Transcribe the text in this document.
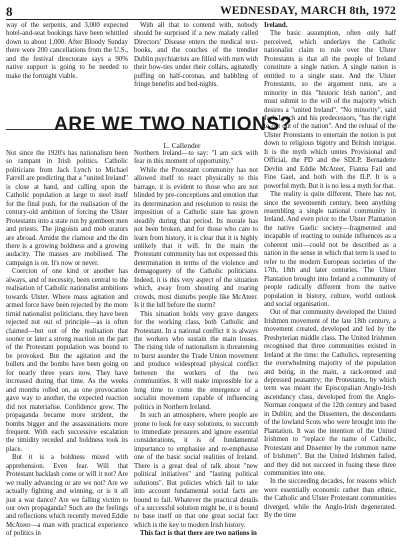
8	WEDNESDAY, MARCH 8th, 1972

way of the serpents, and 3,000 expected hotel-and-seat bookings have been whittled down to about 1,000. After Bloody Sunday there were 200 cancellations from the U.S., and the festival directorate says a 90% native support is going to be needed to make the fortnight viable.

With all that to contend with, nobody should be surprised if a new malady called Directors' Disease enters the medical text-books, and the couches of the trendier Dublin psychiatrists are filled with men with their bow-ties under their collars, agitatedly puffing on half-coronas, and babbling of fringe benefits and bed-nights.

ARE WE TWO NATIONS?
L. Callender

Not since the 1920's has nationalism been so rampant in Irish politics. Catholic politicians from Jack Lynch to Michael Farrell are predicting that a "united Ireland" is close at hand, and calling upon the Catholic population at large to steel itself for the final push, for the realisation of the century-old ambition of forcing the Ulster Protestants into a state run by gombeen men and priests. The jingoists and mob orators are abroad. Amidst the clamour and the din there is a growing boldness and a growing audacity. The masses are mobilised. The campaign is on. It's now or never.

Coercion of one kind or another has always, and of necessity, been central to the realisation of Catholic nationalist ambitions towards Ulster. Where mass agitation and armed force have been rejected by the more timid nationalist politicians, they have been rejected not out of principle—as is often claimed—but out of the realisation that sooner or later a strong reaction on the part of the Protestant population was bound to be provoked. But the agitation and the bullets and the bombs have been going on for nearly three years now. They have increased during that time. As the weeks and months rolled on, as one provocation gave way to another, the expected reaction did not materialise. Confidence grew. The propaganda became more strident, the bombs bigger and the assassinations more frequent. With each successive escalation the timidity receded and boldness took its place.

But it is a boldness mixed with apprehension. Even fear. Will that Protestant backlash come or will it not? Are we really advancing or are we not? Are we actually fighting and winning, or is it all just a war dance? Are we falling victim to our own propaganda? Such are the feelings and reflections which recently moved Eddie McAteer—a man with practical experience of politics in

Northern Ireland—to say: "I am sick with fear in this moment of opportunity."

While the Protestant community has not allowed itself to react physically to this barrage, it is evident to those who are not blinded by pre-conceptions and emotion that its determination and resolution to resist the imposition of a Catholic state has grown steadily during that period. Its morale has not been broken, and for those who care to learn from history, it is clear that it is highly unlikely that it will. In the main the Protestant community has not expressed this determination in terms of the violence and demagoguery of the Catholic politicians. Indeed, it is this very aspect of the situation which, away from shouting and roaring crowds, most disturbs people like McAteer. Is it the lull before the storm?

This situation holds very grave dangers for the working class, both Catholic and Protestant. In a national conflict it is always the workers who sustain the main losses. The rising tide of nationalism is threatening to burst asunder the Trade Union movement and produce widespread physical conflict between the workers of the two communities. It will make impossible for a long time to come the emergence of a socialist movement capable of influencing politics in Northern Ireland.

In such an atmosphere, where people are prone to look for easy solutions, to succumb to immediate pressures and ignore essential considerations, it is of fundamental importance to emphasise and re-emphasise one of the basic social realities of Ireland. There is a great deal of talk about "new political initiatives" and "lasting political solutions". But policies which fail to take into account fundamental social facts are bound to fail. Whatever the practical details of a successful solution might be, it is bound to base itself on that one great social fact which is the key to modern Irish history.

This fact is that there are two nations in

Ireland.

The basic assumption, often only half perceived, which underlays the Catholic nationalist claim to rule over the Ulster Protestants is that all the people of Ireland constitute a single nation. A single nation is entitled to a single state. And the Ulster Protestants, so the argument runs, are a minority in this "historic Irish nation", and must submit to the will of the majority which desires a "united Ireland". "No minority", said Jack Lynch and his predecessors, "has the right to opt out of the nation". And the refusal of the Ulster Protestants to entertain the notion is put down to religious bigotry and British intrigue. It is the myth which unites Provisional and Official, the PD and the SDLP, Bernadette Devlin and Eddie McAteer, Fianna Fail and Fine Gael, and both with the ILP. It is a powerful myth. But it is no less a myth for that.

The reality is quite different. There has not, since the seventeenth century, been anything resembling a single national community in Ireland. And even prior to the Ulster Plantation the native Gaelic society—fragmented and incapable of reacting to outside influences as a coherent unit—could not be described as a nation in the sense in which that term is used to refer to the modern European societies of the 17th, 18th and later centuries. The Ulster Plantation brought into Ireland a community of people radically different from the native population in history, culture, world outlook and social organisation.

Out of that community developed the United Irishmen movement of the late 18th century, a movement created, developed and led by the Presbyterian middle class. The United Irishmen recognised that three communities existed in Ireland at the time: the Catholics, representing the overwhelming majority of the population and being, in the main, a rack-rented and depressed peasantry; the Protestants, by which term was meant the Episcopalian Anglo-Irish ascendancy class, developed from the Anglo-Norman conquest of the 12th century and based in Dublin; and the Dissenters, the descendants of the lowland Scots who were brought into the Plantation. It was the intention of the United Irishmen to "replace the name of Catholic, Protestant and Dissenter by the common name of Irishmen". But the United Irishmen failed, and they did not succeed in fusing these three communities into one.

In the succeeding decades, for reasons which were essentially economic rather than ethnic, the Catholic and Ulster Protestant communities diverged, while the Anglo-Irish degenerated. By the time
